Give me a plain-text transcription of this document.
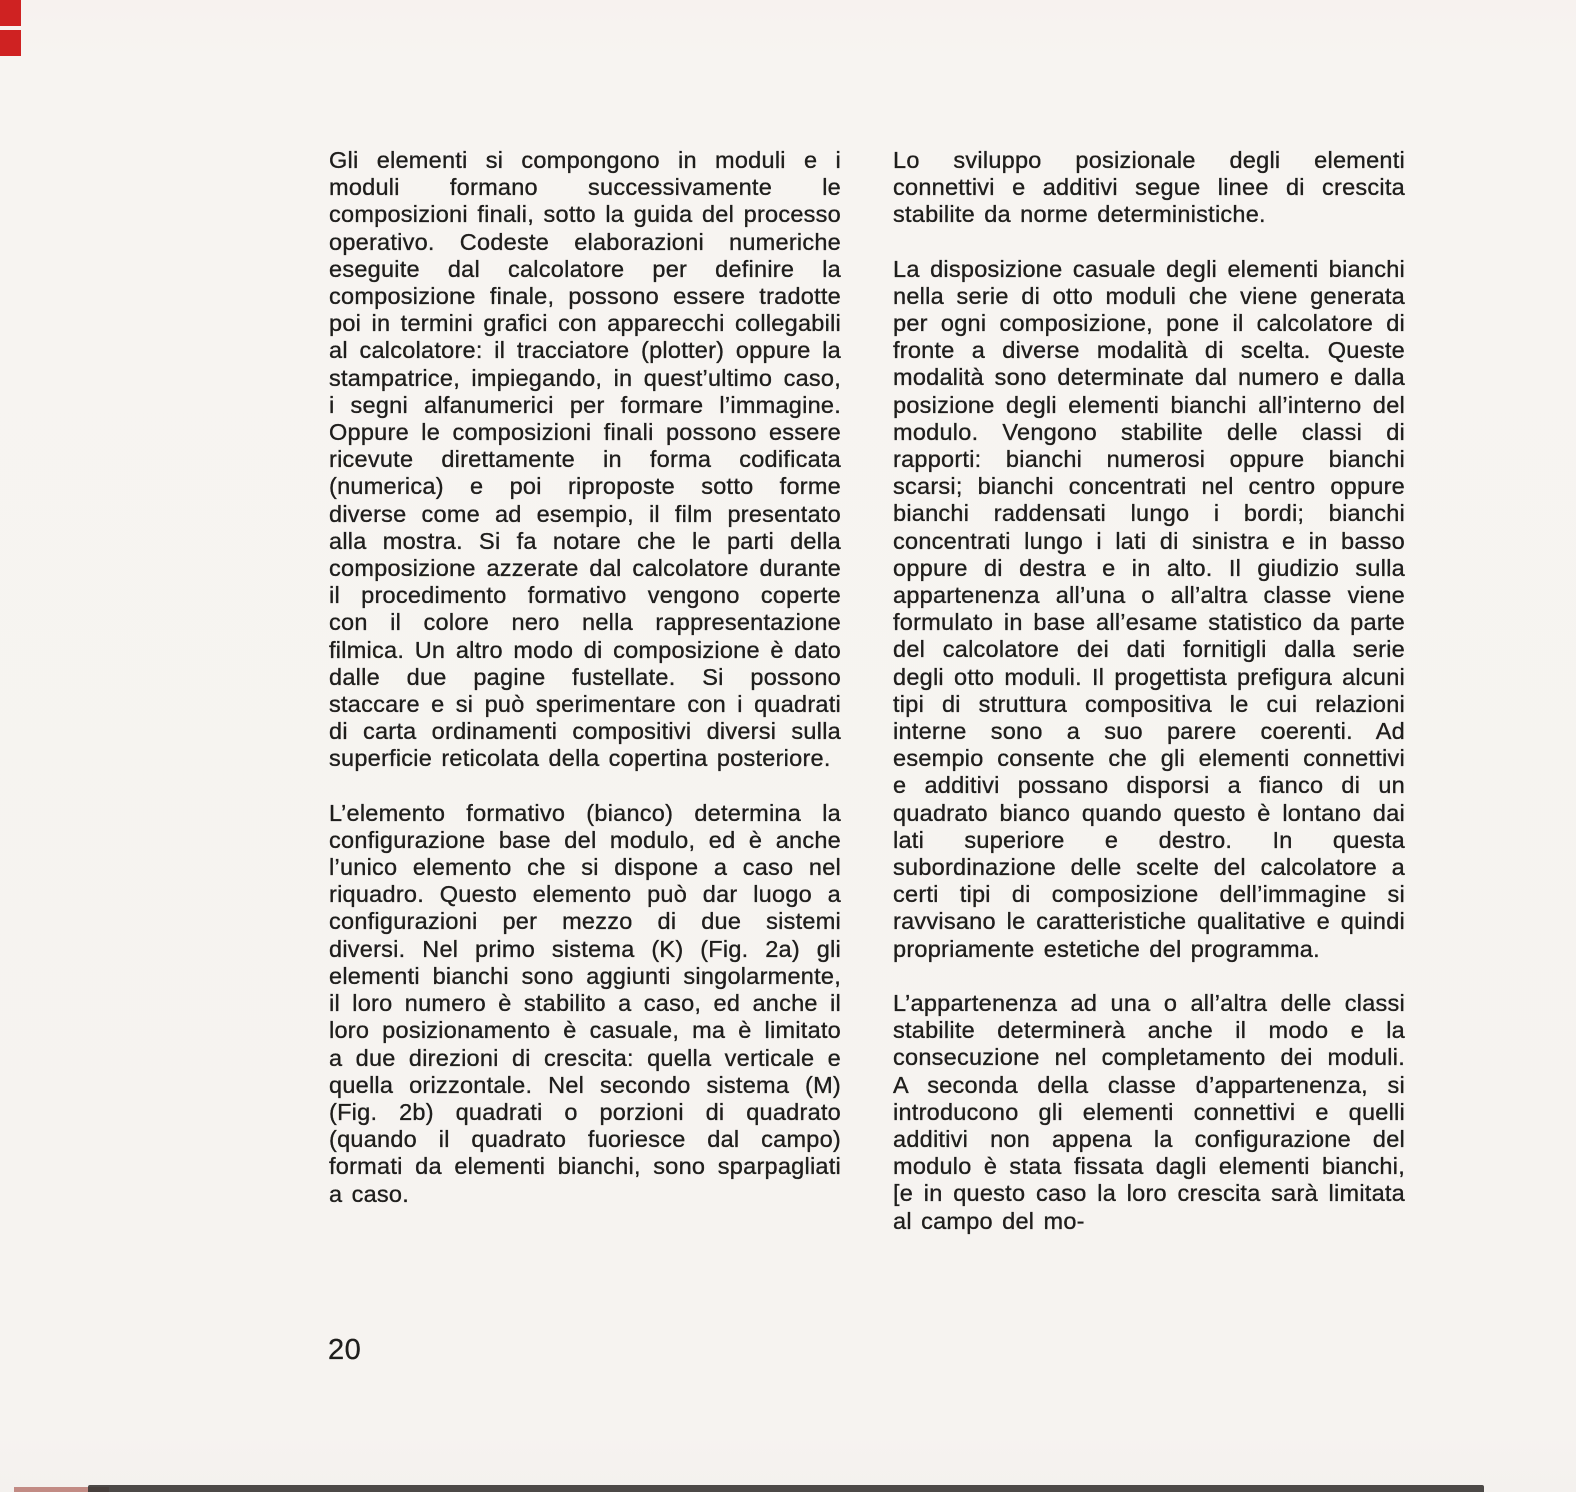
Gli elementi si compongono in moduli e i moduli formano successivamente le composizioni finali, sotto la guida del processo operativo. Codeste elaborazioni numeriche eseguite dal calcolatore per definire la composizione finale, possono essere tradotte poi in termini grafici con apparecchi collegabili al calcolatore: il tracciatore (plotter) oppure la stampatrice, impiegando, in quest’ultimo caso, i segni alfanumerici per formare l’immagine. Oppure le composizioni finali possono essere ricevute direttamente in forma codificata (numerica) e poi riproposte sotto forme diverse come ad esempio, il film presentato alla mostra. Si fa notare che le parti della composizione azzerate dal calcolatore durante il procedimento formativo vengono coperte con il colore nero nella rappresentazione filmica. Un altro modo di composizione è dato dalle due pagine fustellate. Si possono staccare e si può sperimentare con i quadrati di carta ordinamenti compositivi diversi sulla superficie reticolata della copertina posteriore.

L’elemento formativo (bianco) determina la configurazione base del modulo, ed è anche l’unico elemento che si dispone a caso nel riquadro. Questo elemento può dar luogo a configurazioni per mezzo di due sistemi diversi. Nel primo sistema (K) (Fig. 2a) gli elementi bianchi sono aggiunti singolarmente, il loro numero è stabilito a caso, ed anche il loro posizionamento è casuale, ma è limitato a due direzioni di crescita: quella verticale e quella orizzontale. Nel secondo sistema (M) (Fig. 2b) quadrati o porzioni di quadrato (quando il quadrato fuoriesce dal campo) formati da elementi bianchi, sono sparpagliati a caso.

Lo sviluppo posizionale degli elementi connettivi e additivi segue linee di crescita stabilite da norme deterministiche.

La disposizione casuale degli elementi bianchi nella serie di otto moduli che viene generata per ogni composizione, pone il calcolatore di fronte a diverse modalità di scelta. Queste modalità sono determinate dal numero e dalla posizione degli elementi bianchi all’interno del modulo. Vengono stabilite delle classi di rapporti: bianchi numerosi oppure bianchi scarsi; bianchi concentrati nel centro oppure bianchi raddensati lungo i bordi; bianchi concentrati lungo i lati di sinistra e in basso oppure di destra e in alto. Il giudizio sulla appartenenza all’una o all’altra classe viene formulato in base all’esame statistico da parte del calcolatore dei dati fornitigli dalla serie degli otto moduli. Il progettista prefigura alcuni tipi di struttura compositiva le cui relazioni interne sono a suo parere coerenti. Ad esempio consente che gli elementi connettivi e additivi possano disporsi a fianco di un quadrato bianco quando questo è lontano dai lati superiore e destro. In questa subordinazione delle scelte del calcolatore a certi tipi di composizione dell’immagine si ravvisano le caratteristiche qualitative e quindi propriamente estetiche del programma.

L’appartenenza ad una o all’altra delle classi stabilite determinerà anche il modo e la consecuzione nel completamento dei moduli. A seconda della classe d’appartenenza, si introducono gli elementi connettivi e quelli additivi non appena la configurazione del modulo è stata fissata dagli elementi bianchi, [e in questo caso la loro crescita sarà limitata al campo del mo-

20
